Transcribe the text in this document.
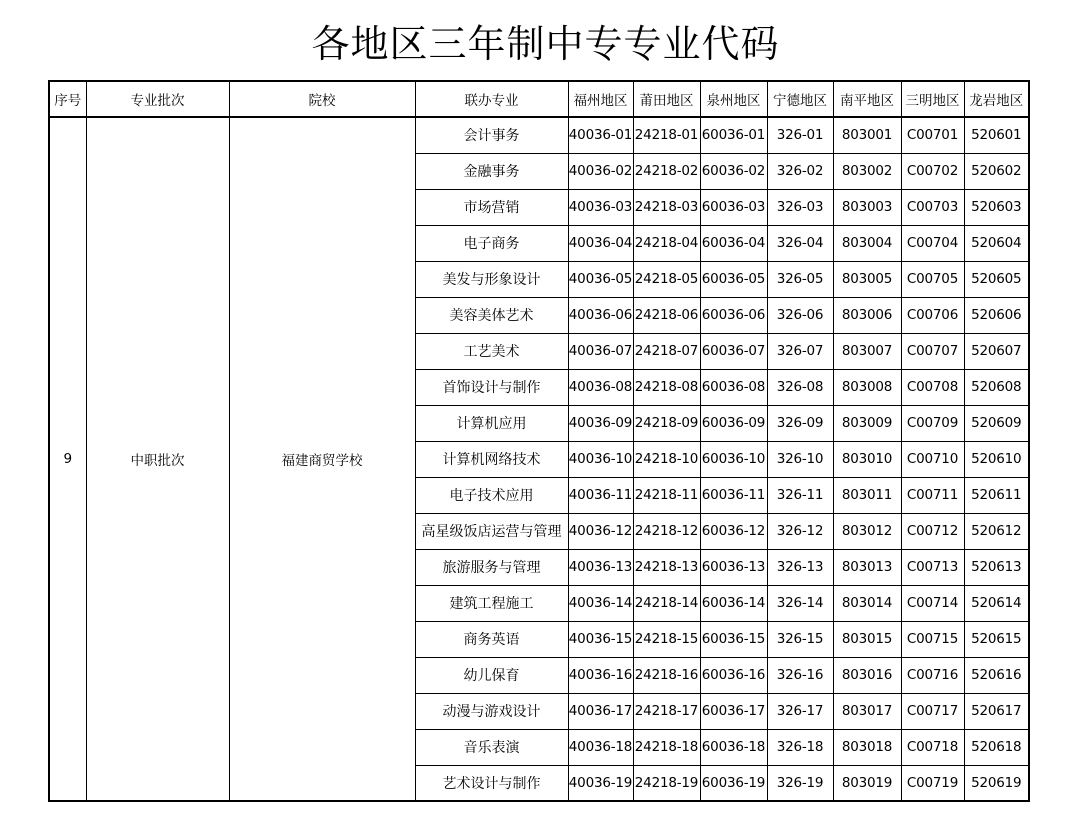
各地区三年制中专专业代码
序号	专业批次	院校	联办专业	福州地区	莆田地区	泉州地区	宁德地区	南平地区	三明地区	龙岩地区
9	中职批次	福建商贸学校	会计事务	40036-01	24218-01	60036-01	326-01	803001	C00701	520601
			金融事务	40036-02	24218-02	60036-02	326-02	803002	C00702	520602
			市场营销	40036-03	24218-03	60036-03	326-03	803003	C00703	520603
			电子商务	40036-04	24218-04	60036-04	326-04	803004	C00704	520604
			美发与形象设计	40036-05	24218-05	60036-05	326-05	803005	C00705	520605
			美容美体艺术	40036-06	24218-06	60036-06	326-06	803006	C00706	520606
			工艺美术	40036-07	24218-07	60036-07	326-07	803007	C00707	520607
			首饰设计与制作	40036-08	24218-08	60036-08	326-08	803008	C00708	520608
			计算机应用	40036-09	24218-09	60036-09	326-09	803009	C00709	520609
			计算机网络技术	40036-10	24218-10	60036-10	326-10	803010	C00710	520610
			电子技术应用	40036-11	24218-11	60036-11	326-11	803011	C00711	520611
			高星级饭店运营与管理	40036-12	24218-12	60036-12	326-12	803012	C00712	520612
			旅游服务与管理	40036-13	24218-13	60036-13	326-13	803013	C00713	520613
			建筑工程施工	40036-14	24218-14	60036-14	326-14	803014	C00714	520614
			商务英语	40036-15	24218-15	60036-15	326-15	803015	C00715	520615
			幼儿保育	40036-16	24218-16	60036-16	326-16	803016	C00716	520616
			动漫与游戏设计	40036-17	24218-17	60036-17	326-17	803017	C00717	520617
			音乐表演	40036-18	24218-18	60036-18	326-18	803018	C00718	520618
			艺术设计与制作	40036-19	24218-19	60036-19	326-19	803019	C00719	520619
